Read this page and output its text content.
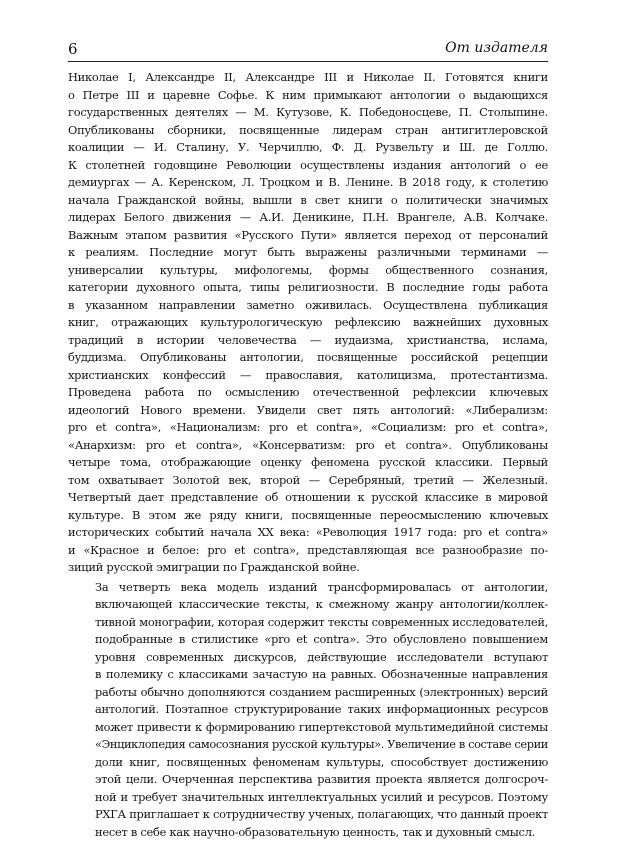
6	От издателя

Николае I, Александре II, Александре III и Николае II. Готовятся книги
о Петре III и царевне Софье. К ним примыкают антологии о выдающихся
государственных деятелях — М. Кутузове, К. Победоносцеве, П. Столыпине.
Опубликованы сборники, посвященные лидерам стран антигитлеровской
коалиции — И. Сталину, У. Черчиллю, Ф. Д. Рузвельту и Ш. де Голлю.
К столетней годовщине Революции осуществлены издания антологий о ее
демиургах — А. Керенском, Л. Троцком и В. Ленине. В 2018 году, к столетию
начала Гражданской войны, вышли в свет книги о политически значимых
лидерах Белого движения — А.И. Деникине, П.Н. Врангеле, А.В. Колчаке.
Важным этапом развития «Русского Пути» является переход от персоналий
к реалиям. Последние могут быть выражены различными терминами —
универсалии культуры, мифологемы, формы общественного сознания,
категории духовного опыта, типы религиозности. В последние годы работа
в указанном направлении заметно оживилась. Осуществлена публикация
книг, отражающих культурологическую рефлексию важнейших духовных
традиций в истории человечества — иудаизма, христианства, ислама,
буддизма. Опубликованы антологии, посвященные российской рецепции
христианских конфессий — православия, католицизма, протестантизма.
Проведена работа по осмыслению отечественной рефлексии ключевых
идеологий Нового времени. Увидели свет пять антологий: «Либерализм:
pro et contra», «Национализм: pro et contra», «Социализм: pro et contra»,
«Анархизм: pro et contra», «Консерватизм: pro et contra». Опубликованы
четыре тома, отображающие оценку феномена русской классики. Первый
том охватывает Золотой век, второй — Серебряный, третий — Железный.
Четвертый дает представление об отношении к русской классике в мировой
культуре. В этом же ряду книги, посвященные переосмыслению ключевых
исторических событий начала XX века: «Революция 1917 года: pro et contra»
и «Красное и белое: pro et contra», представляющая все разнообразие по-
зиций русской эмиграции по Гражданской войне.

За четверть века модель изданий трансформировалась от антологии,
включающей классические тексты, к смежному жанру антологии/коллек-
тивной монографии, которая содержит тексты современных исследователей,
подобранные в стилистике «pro et contra». Это обусловлено повышением
уровня современных дискурсов, действующие исследователи вступают
в полемику с классиками зачастую на равных. Обозначенные направления
работы обычно дополняются созданием расширенных (электронных) версий
антологий. Поэтапное структурирование таких информационных ресурсов
может привести к формированию гипертекстовой мультимедийной системы
«Энциклопедия самосознания русской культуры». Увеличение в составе серии
доли книг, посвященных феноменам культуры, способствует достижению
этой цели. Очерченная перспектива развития проекта является долгосроч-
ной и требует значительных интеллектуальных усилий и ресурсов. Поэтому
РХГА приглашает к сотрудничеству ученых, полагающих, что данный проект
несет в себе как научно-образовательную ценность, так и духовный смысл.
